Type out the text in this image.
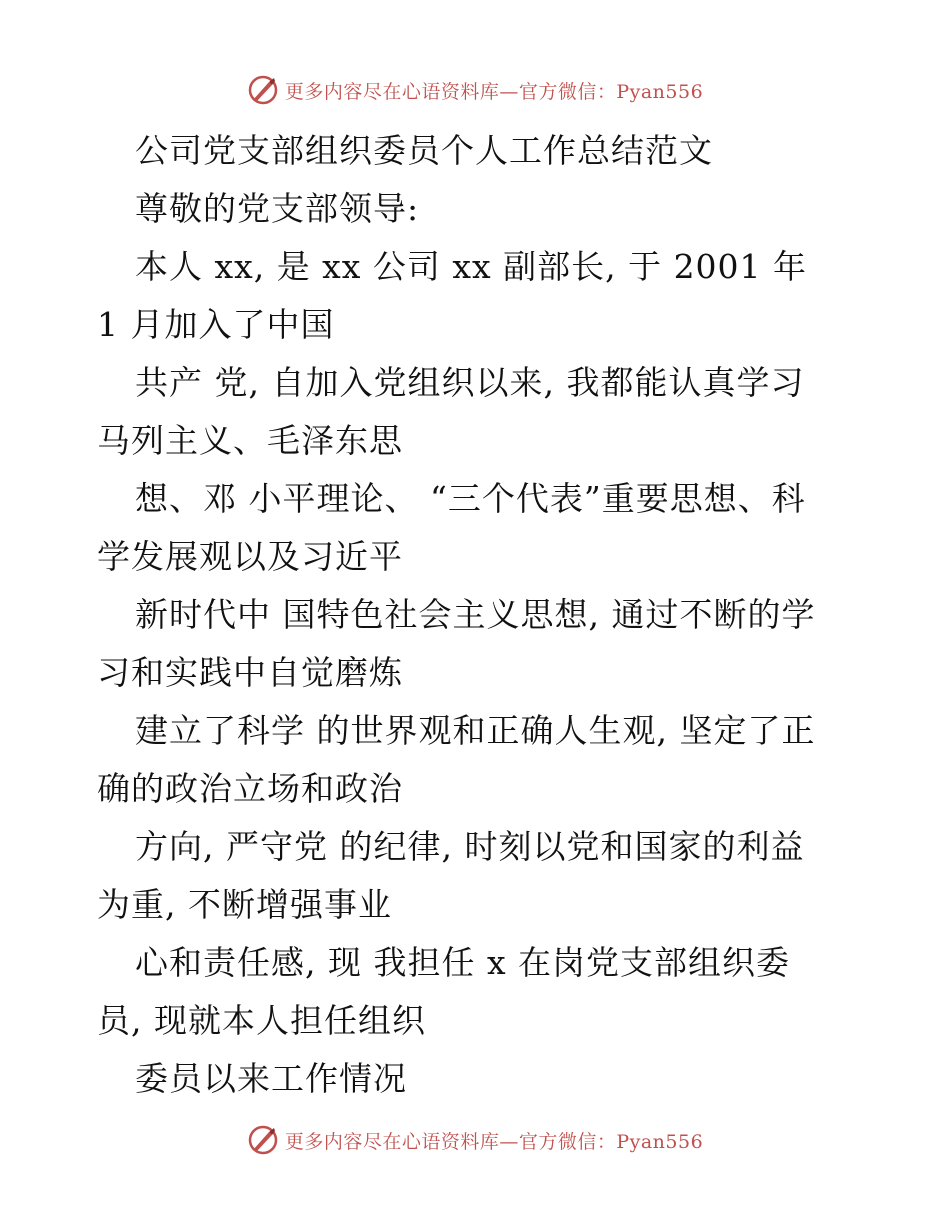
更多内容尽在心语资料库—官方微信：Pyan556
公司党支部组织委员个人工作总结范文
尊敬的党支部领导:
本人 xx, 是 xx 公司 xx 副部长, 于 2001 年
1 月加入了中国
共产 党, 自加入党组织以来, 我都能认真学习
马列主义、毛泽东思
想、邓 小平理论、 “三个代表”重要思想、科
学发展观以及习近平
新时代中 国特色社会主义思想, 通过不断的学
习和实践中自觉磨炼
建立了科学 的世界观和正确人生观, 坚定了正
确的政治立场和政治
方向, 严守党 的纪律, 时刻以党和国家的利益
为重, 不断增强事业
心和责任感, 现 我担任 x 在岗党支部组织委
员, 现就本人担任组织
委员以来工作情况
更多内容尽在心语资料库—官方微信：Pyan556
